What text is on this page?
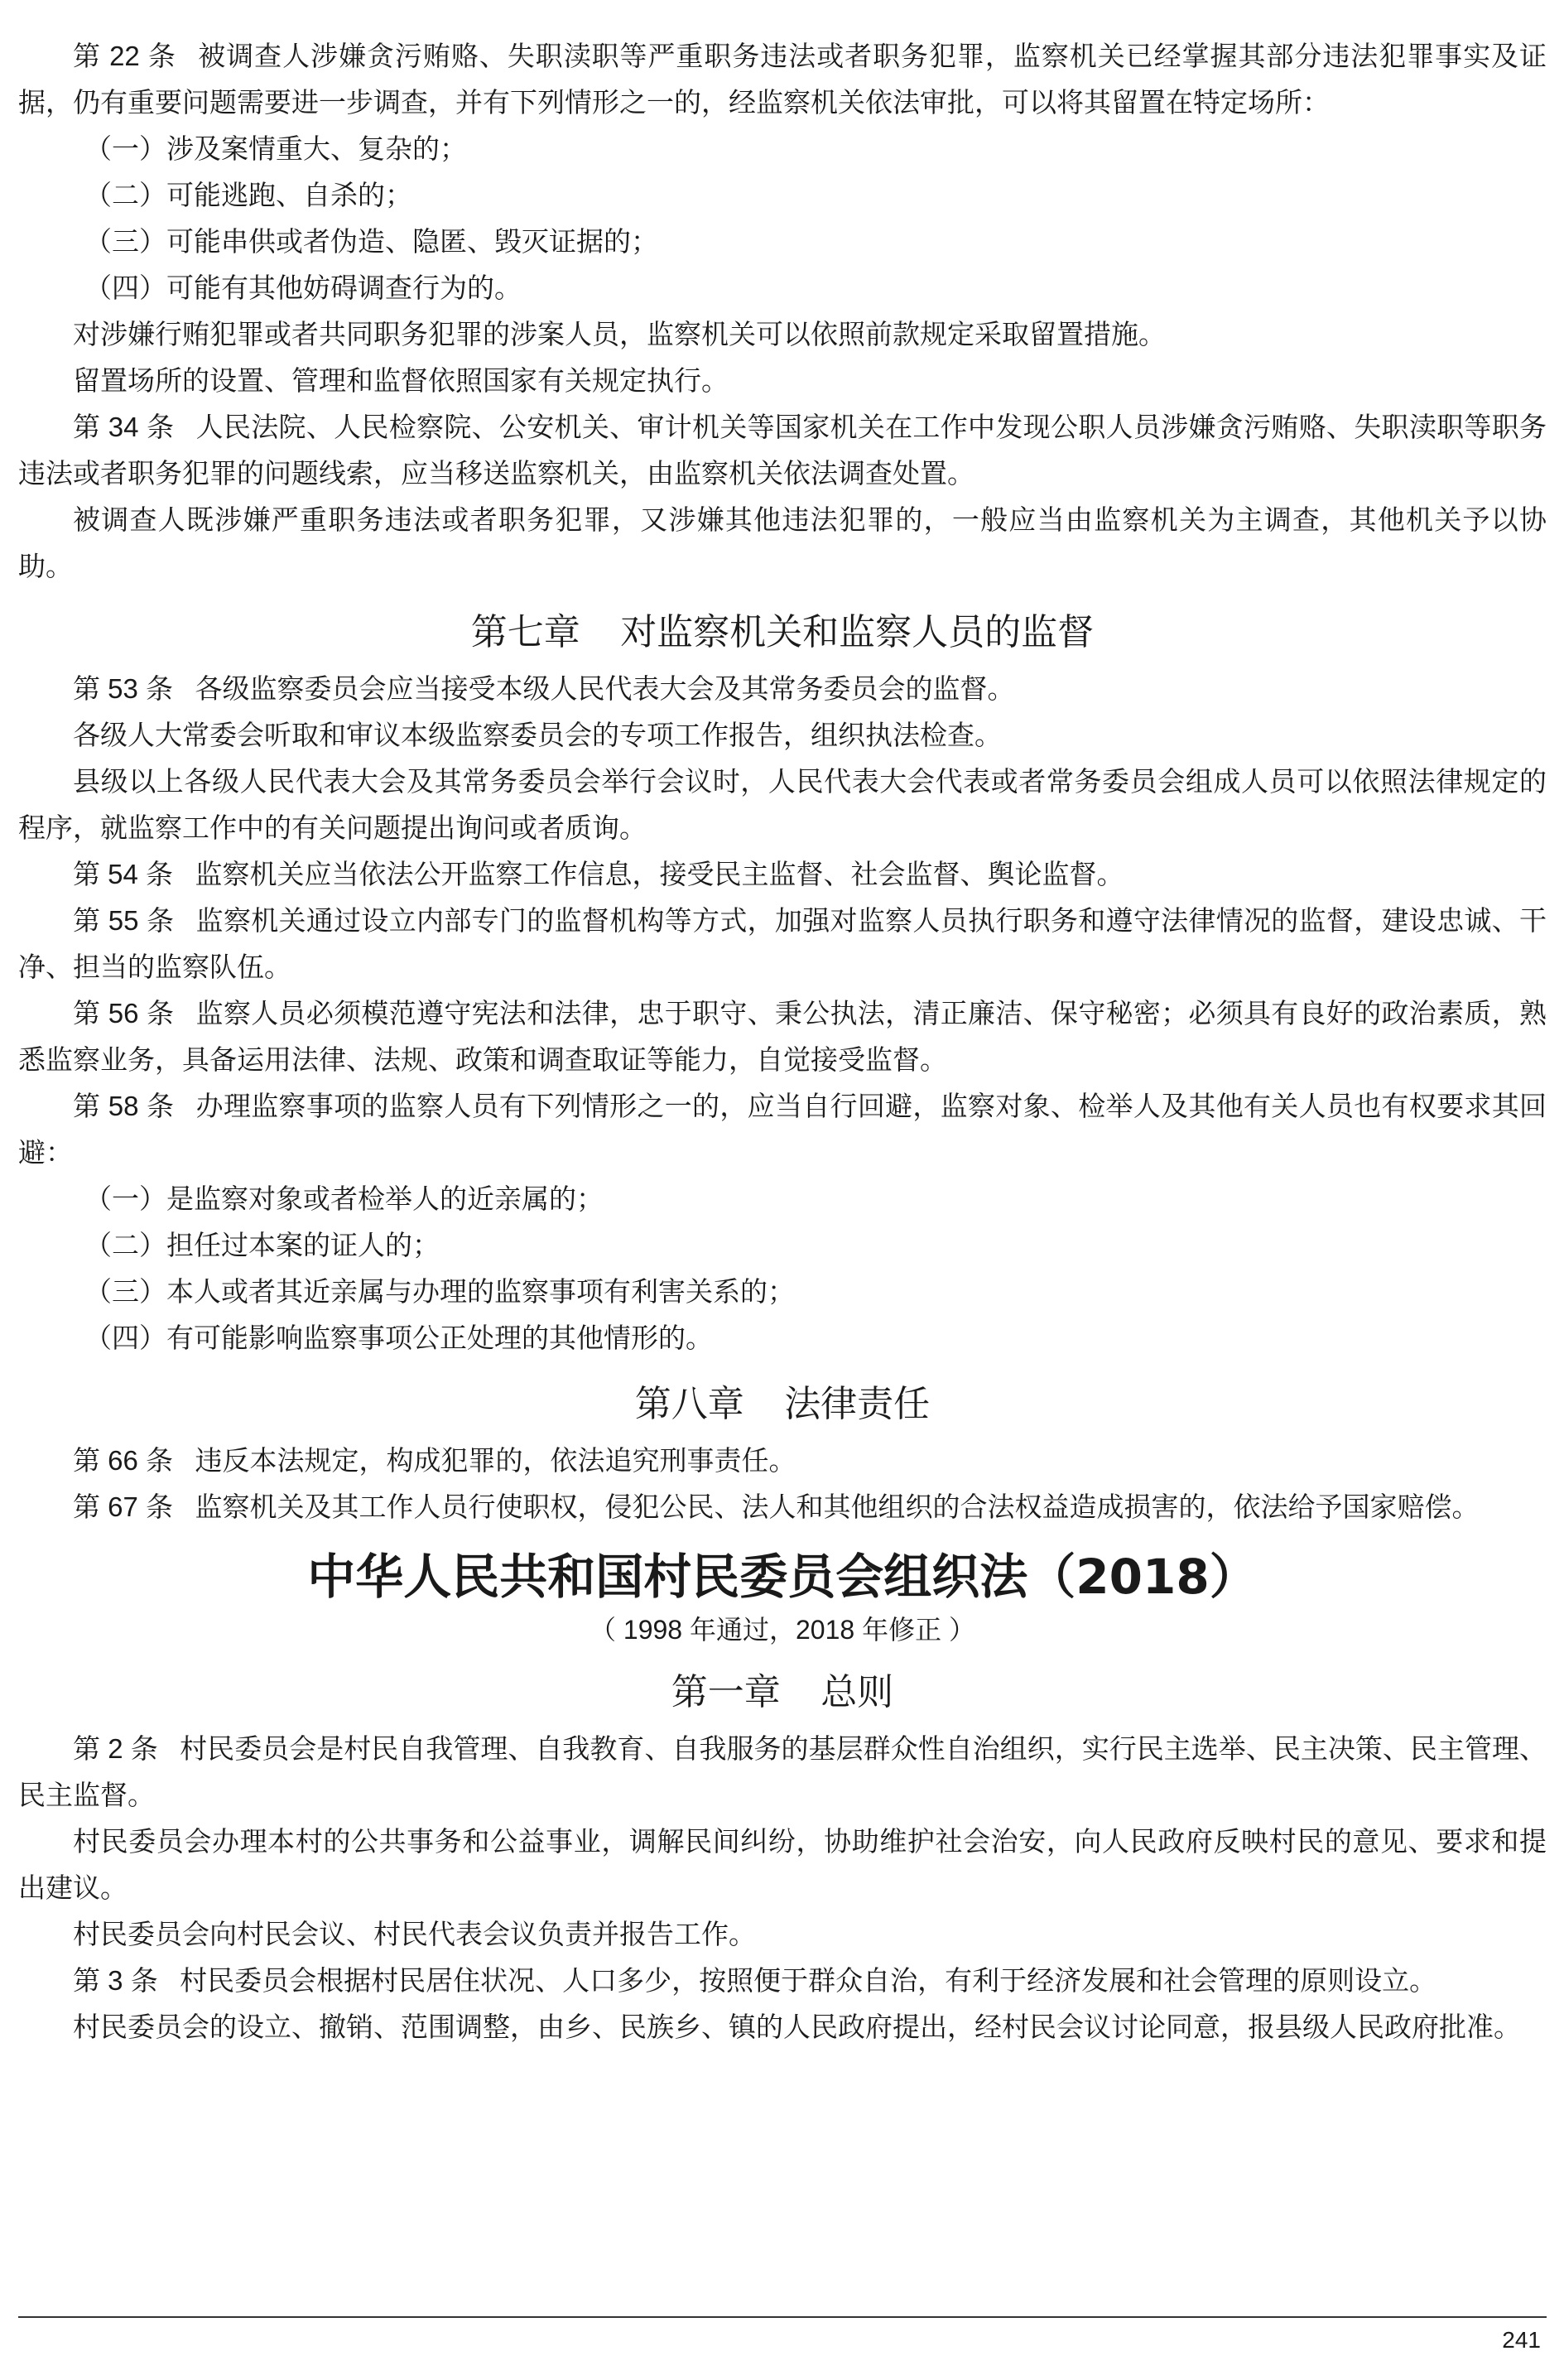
第 22 条 被调查人涉嫌贪污贿赂、失职渎职等严重职务违法或者职务犯罪，监察机关已经掌握其部分违法犯罪事实及证据，仍有重要问题需要进一步调查，并有下列情形之一的，经监察机关依法审批，可以将其留置在特定场所：

（一）涉及案情重大、复杂的；

（二）可能逃跑、自杀的；

（三）可能串供或者伪造、隐匿、毁灭证据的；

（四）可能有其他妨碍调查行为的。

对涉嫌行贿犯罪或者共同职务犯罪的涉案人员，监察机关可以依照前款规定采取留置措施。

留置场所的设置、管理和监督依照国家有关规定执行。

第 34 条 人民法院、人民检察院、公安机关、审计机关等国家机关在工作中发现公职人员涉嫌贪污贿赂、失职渎职等职务违法或者职务犯罪的问题线索，应当移送监察机关，由监察机关依法调查处置。

被调查人既涉嫌严重职务违法或者职务犯罪，又涉嫌其他违法犯罪的，一般应当由监察机关为主调查，其他机关予以协助。

第七章 对监察机关和监察人员的监督

第 53 条 各级监察委员会应当接受本级人民代表大会及其常务委员会的监督。

各级人大常委会听取和审议本级监察委员会的专项工作报告，组织执法检查。

县级以上各级人民代表大会及其常务委员会举行会议时，人民代表大会代表或者常务委员会组成人员可以依照法律规定的程序，就监察工作中的有关问题提出询问或者质询。

第 54 条 监察机关应当依法公开监察工作信息，接受民主监督、社会监督、舆论监督。

第 55 条 监察机关通过设立内部专门的监督机构等方式，加强对监察人员执行职务和遵守法律情况的监督，建设忠诚、干净、担当的监察队伍。

第 56 条 监察人员必须模范遵守宪法和法律，忠于职守、秉公执法，清正廉洁、保守秘密；必须具有良好的政治素质，熟悉监察业务，具备运用法律、法规、政策和调查取证等能力，自觉接受监督。

第 58 条 办理监察事项的监察人员有下列情形之一的，应当自行回避，监察对象、检举人及其他有关人员也有权要求其回避：

（一）是监察对象或者检举人的近亲属的；

（二）担任过本案的证人的；

（三）本人或者其近亲属与办理的监察事项有利害关系的；

（四）有可能影响监察事项公正处理的其他情形的。

第八章 法律责任

第 66 条 违反本法规定，构成犯罪的，依法追究刑事责任。

第 67 条 监察机关及其工作人员行使职权，侵犯公民、法人和其他组织的合法权益造成损害的，依法给予国家赔偿。

中华人民共和国村民委员会组织法（2018）
（ 1998 年通过，2018 年修正 ）
第一章 总则

第 2 条 村民委员会是村民自我管理、自我教育、自我服务的基层群众性自治组织，实行民主选举、民主决策、民主管理、民主监督。

村民委员会办理本村的公共事务和公益事业，调解民间纠纷，协助维护社会治安，向人民政府反映村民的意见、要求和提出建议。

村民委员会向村民会议、村民代表会议负责并报告工作。

第 3 条 村民委员会根据村民居住状况、人口多少，按照便于群众自治，有利于经济发展和社会管理的原则设立。

村民委员会的设立、撤销、范围调整，由乡、民族乡、镇的人民政府提出，经村民会议讨论同意，报县级人民政府批准。

241
